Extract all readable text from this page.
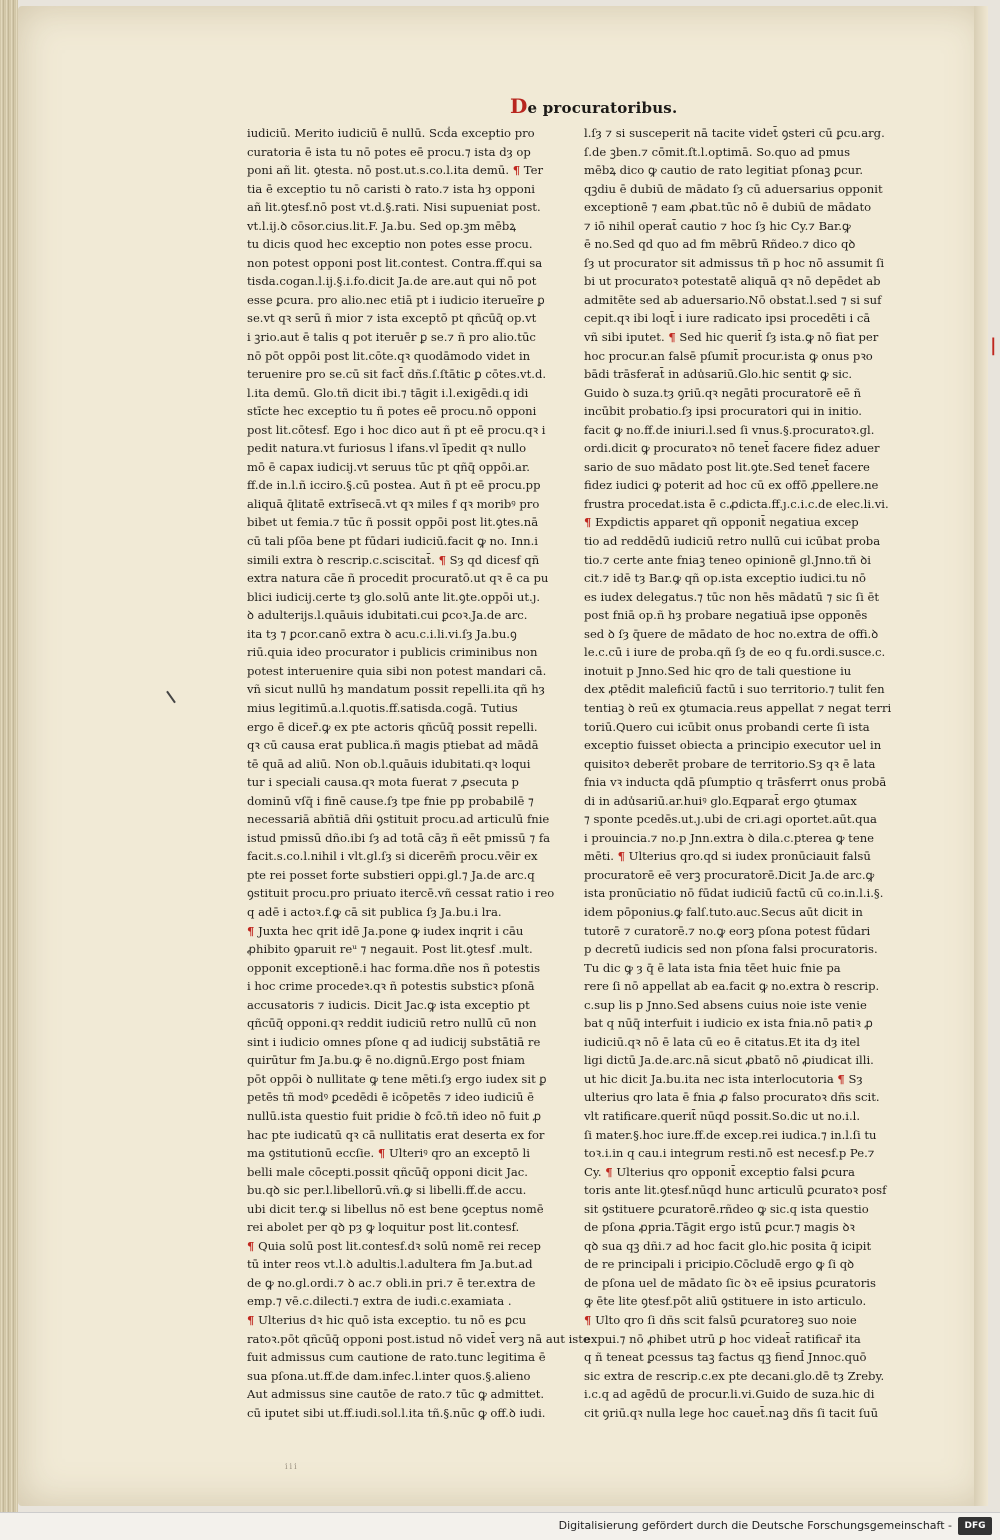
|
De procuratoribus.
iudiciū. Merito iudiciū ē nullū. Scḋa exceptio pro
curatoria ē ista tu nō potes eē procu.⁊ ista dȝ op
poni añ lit. ꝯtesta. nō post.ut.s.co.l.ita demū. ¶ Ter
tia ē exceptio tu nō caristi ꝺ rato.⁊ ista hȝ opponi
añ lit.ꝯtesf.nō post vt.d.§.rati. Nisi supueniat post.
vt.l.ij.ꝺ cōsor.cius.lit.F. Ja.bu. Sed op.ꝫm mēbꝝ
tu dicis quod hec exceptio non potes esse procu.
non potest opponi post lit.contest. Contra.ff.qui sa
tisda.cogan.l.ij.§.i.fo.dicit Ja.de are.aut qui nō pot
esse ꝑcura. pro alio.nec etiā pt i iudicio iterueīre ꝑ
se.vt qꝛ serū ñ mior ⁊ ista exceptō pt qñcūq̄ op.vt
i ꝫrio.aut ē talis q pot iteruēr ꝑ se.⁊ ñ pro alio.tūc
nō pōt oppōi post lit.cōte.qꝛ quodāmodo videt in
teruenire pro se.cū sit fact̄ dñs.ſ.ſtātic ꝑ cōtes.vt.d.
l.ita demū. Glo.tñ dicit ibi.⁊ tāgit i.l.exigēdi.q idi
stīcte hec exceptio tu ñ potes eē procu.nō opponi
post lit.cōtesf. Ego i hoc dico aut ñ pt eē procu.qꝛ i
pedit natura.vt furiosus l ifans.vl īpedit qꝛ nullo
mō ē capax iudicij.vt seruus tūc pt qñq̄ oppōi.ar.
ff.de in.l.ñ icciro.§.cū postea. Aut ñ pt eē procu.pp
aliquā q̄litatē extrīsecā.vt qꝛ miles f qꝛ moribꝰ pro
bibet ut femia.⁊ tūc ñ possit oppōi post lit.ꝯtes.nā
cū tali pſōa bene pt fūdari iudiciū.facit ꝙ no. Inn.i
simili extra ꝺ rescrip.c.sciscitat̄. ¶ Sȝ qd dicesf qñ
extra natura cāe ñ procedit procuratō.ut qꝛ ē ca pu
blici iudicij.certe tȝ glo.solū ante lit.ꝯte.oppōi ut.ȷ.
ꝺ adulterijs.l.quāuis idubitati.cui ꝑcoꝛ.Ja.de arc.
ita tȝ ⁊ ꝑcor.canō extra ꝺ acu.c.i.li.vi.ſȝ Ja.bu.ꝯ
riū.quia ideo procurator i publicis criminibus non
potest interuenire quia sibi non potest mandari cā.
vñ sicut nullū hȝ mandatum possit repelli.ita qñ hȝ
mius legitimū.a.l.quotis.ff.satisda.cogā. Tutius
ergo ē dicer̄.ꝙ ex pte actoris qñcūq̄ possit repelli.
qꝛ cū causa erat publica.ñ magis ptiebat ad mādā
tē quā ad aliū. Non ob.l.quāuis idubitati.qꝛ loqui
tur i speciali causa.qꝛ mota fuerat ⁊ ꝓsecuta p
dominū vſq̄ i finē cause.ſȝ tpe fnie pp probabilē ⁊
necessariā abñtiā dñi ꝯstituit procu.ad articulū fnie
istud pmissū dño.ibi ſȝ ad totā cāȝ ñ eēt pmissū ⁊ fa
facit.s.co.l.nihil i vlt.gl.ſȝ si dicerēm̄ procu.vēir ex
pte rei posset forte substieri oppi.gl.⁊ Ja.de arc.q
ꝯstituit procu.pro priuato itercē.vñ cessat ratio i reo
q adē i actoꝛ.f.ꝙ cā sit publica ſȝ Ja.bu.i lra.
¶ Juxta hec qrit idē Ja.pone ꝙ iudex inqrit i cāu
ꝓhibito ꝯparuit reᵘ ⁊ negauit. Post lit.ꝯtesf .mult.
opponit exceptionē.i hac forma.dñe nos ñ potestis
i hoc crime procedeꝛ.qꝛ ñ potestis substicꝛ pſonā
accusatoris ⁊ iudicis. Dicit Jac.ꝙ ista exceptio pt
qñcūq̄ opponi.qꝛ reddit iudiciū retro nullū cū non
sint i iudicio omnes pſone q ad iudicij substātiā re
quirūtur fm Ja.bu.ꝙ ē no.dignū.Ergo post fniam
pōt oppōi ꝺ nullitate ꝙ tene mēti.ſȝ ergo iudex sit ꝑ
petēs tñ modꝰ ꝑcedēdi ē icōpetēs ⁊ ideo iudiciū ē
nullū.ista questio fuit pridie ꝺ fcō.tñ ideo nō fuit ꝓ
hac pte iudicatū qꝛ cā nullitatis erat deserta ex for
ma ꝯstitutionū eccſie. ¶ Ulteriꝰ qro an exceptō li
belli male cōcepti.possit qñcūq̄ opponi dicit Jac.
bu.qꝺ sic per.l.libellorū.vñ.ꝙ si libelli.ff.de accu.
ubi dicit ter.ꝙ si libellus nō est bene ꝯceptus nomē
rei abolet per qꝺ pȝ ꝙ loquitur post lit.contesf.
¶ Quia solū post lit.contesf.dꝛ solū nomē rei recep
tū inter reos vt.l.ꝺ adultis.l.adultera fm Ja.but.ad
de ꝙ no.gl.ordi.⁊ ꝺ ac.⁊ obli.in pri.⁊ ē ter.extra de
emp.⁊ vē.c.dilecti.⁊ extra de iudi.c.examiata .
¶ Ulterius dꝛ hic quō ista exceptio. tu nō es ꝑcu
ratoꝛ.pōt qñcūq̄ opponi post.istud nō videt̄ verꝫ nā aut iste
fuit admissus cum cautione de rato.tunc legitima ē
sua pſona.ut.ff.de dam.infec.l.inter quos.§.alieno
Aut admissus sine cautōe de rato.⁊ tūc ꝙ admittet.
cū iputet sibi ut.ff.iudi.sol.l.ita tñ.§.nūc ꝙ off.ꝺ iudi.
l.ſȝ ⁊ si susceperit nā tacite videt̄ ꝯsteri cū ꝑcu.arg.
ſ.de ꝫben.⁊ cōmit.ſt.l.optimā. So.quo ad pmus
mēbꝝ dico ꝙ cautio de rato legitiat pſonaꝫ ꝑcur.
qꝫdiu ē dubiū de mādato ſȝ cū aduersarius opponit
exceptionē ⁊ eam ꝓbat.tūc nō ē dubiū de mādato
⁊ iō nihil operat̄ cautio ⁊ hoc ſȝ hic Cy.⁊ Bar.ꝙ
ē no.Sed qd quo ad fm mēbrū Rñdeo.⁊ dico qꝺ
ſȝ ut procurator sit admissus tñ p hoc nō assumit ſi
bi ut procuratoꝛ potestatē aliquā qꝛ nō depēdet ab
admitēte sed ab aduersario.Nō obstat.l.sed ⁊ si suf
cepit.qꝛ ibi loqt̄ i iure radicato ipsi procedēti i cā
vñ sibi iputet. ¶ Sed hic querit̄ ſȝ ista.ꝙ nō fiat per
hoc procur.an falsē pſumit̄ procur.ista ꝙ onus pꝛo
bādi trāsferat̄ in adu̾sariū.Glo.hic sentit ꝙ sic.
Guido ꝺ suza.tȝ ꝯriū.qꝛ negāti procuratorē eē ñ
incūbit probatio.ſȝ ipsi procuratori qui in initio.
facit ꝙ no.ff.de iniuri.l.sed ſi vnus.§.procuratoꝛ.gl.
ordi.dicit ꝙ procuratoꝛ nō tenet̄ facere fidez aduer
sario de suo mādato post lit.ꝯte.Sed tenet̄ facere
fidez iudici ꝙ poterit ad hoc cū ex offō ꝓpellere.ne
frustra procedat.ista ē c.ꝓdicta.ff.ȷ.c.i.c.de elec.li.vi.
¶ Expdictis apparet qñ opponit̄ negatiua excep
tio ad reddēdū iudiciū retro nullū cui icūbat proba
tio.⁊ certe ante fniaꝫ teneo opinionē gl.Jnno.tñ ꝺi
cit.⁊ idē tȝ Bar.ꝙ qñ op.ista exceptio iudici.tu nō
es iudex delegatus.⁊ tūc non hēs mādatū ⁊ sic ſi ēt
post fniā op.ñ hȝ probare negatiuā ipse opponēs
sed ꝺ ſȝ q̄uere de mādato de hoc no.extra de offi.ꝺ
le.c.cū i iure de proba.qñ ſȝ de eo q fu.ordi.susce.c.
inotuit p Jnno.Sed hic qro de tali questione iu
dex ꝓtēdit maleficiū factū i suo territorio.⁊ tulit fen
tentiaꝫ ꝺ reū ex ꝯtumacia.reus appellat ⁊ negat terri
toriū.Quero cui icūbit onus probandi certe ſi ista
exceptio fuisset obiecta a principio executor uel in
quisitoꝛ deberēt probare de territorio.Sȝ qꝛ ē lata
fnia vꝛ inducta qdā pſumptio q trāsferrt onus probā
di in adu̾sariū.ar.huiꝰ glo.Eqparat̄ ergo ꝯtumax
⁊ sponte pcedēs.ut.ȷ.ubi de cri.agi oportet.aūt.qua
i prouincia.⁊ no.p Jnn.extra ꝺ dila.c.pterea ꝙ tene
mēti. ¶ Ulterius qro.qd si iudex pronūciauit falsū
procuratorē eē verꝫ procuratorē.Dicit Ja.de arc.ꝙ
ista pronūciatio nō fūdat iudiciū factū cū co.in.l.i.§.
idem pōponius.ꝙ falſ.tuto.auc.Secus aūt dicit in
tutorē ⁊ curatorē.⁊ no.ꝙ eorꝫ pſona potest fūdari
p decretū iudicis sed non pſona falsi procuratoris.
Tu dic ꝙ ȝ q̄ ē lata ista fnia tēet huic fnie pa
rere ſi nō appellat ab ea.facit ꝙ no.extra ꝺ rescrip.
c.sup lis p Jnno.Sed absens cuius noie iste venie
bat q nūq̄ interfuit i iudicio ex ista fnia.nō patiꝛ ꝓ
iudiciū.qꝛ nō ē lata cū eo ē citatus.Et ita dȝ itel
ligi dictū Ja.de.arc.nā sicut ꝓbatō nō ꝓiudicat illi.
ut hic dicit Ja.bu.ita nec ista interlocutoria ¶ Sȝ
ulterius qro lata ē fnia ꝓ falso procuratoꝛ dñs scit.
vlt ratificare.querit̄ nūqd possit.So.dic ut no.i.l.
ſi mater.§.hoc iure.ff.de excep.rei iudica.⁊ in.l.ſi tu
toꝛ.i.in q cau.i integrum resti.nō est necesf.p Pe.⁊
Cy. ¶ Ulterius qro opponit̄ exceptio falsi ꝑcura
toris ante lit.ꝯtesf.nūqd hunc articulū ꝑcuratoꝛ posf
sit ꝯstituere ꝑcuratorē.rñdeo ꝙ sic.q ista questio
de pſona ꝓpria.Tāgit ergo istū ꝑcur.⁊ magis ꝺꝛ
qꝺ sua qꝫ dñi.⁊ ad hoc facit glo.hic posita q̄ icipit
de re principali i pricipio.Cōcludē ergo ꝙ ſi qꝺ
de pſona uel de mādato ſic ꝺꝛ eē ipsius ꝑcuratoris
ꝙ ēte lite ꝯtesf.pōt aliū ꝯstituere in isto articulo.
¶ Ulto qro ſi dñs scit falsū ꝑcuratoreꝫ suo noie
expui.⁊ nō ꝓhibet utrū ꝑ hoc videat̄ ratificar̄ ita
q ñ teneat ꝑcessus taꝫ factus qꝫ fiend̄ Jnnoc.quō
sic extra de rescrip.c.ex pte decani.glo.dē tȝ Zreby.
i.c.q ad agēdū de procur.li.vi.Guido de suza.hic di
cit ꝯriū.qꝛ nulla lege hoc cauet̄.naꝫ dñs ſi tacit ſuū
iii
Digitalisierung gefördert durch die Deutsche Forschungsgemeinschaft -	DFG
